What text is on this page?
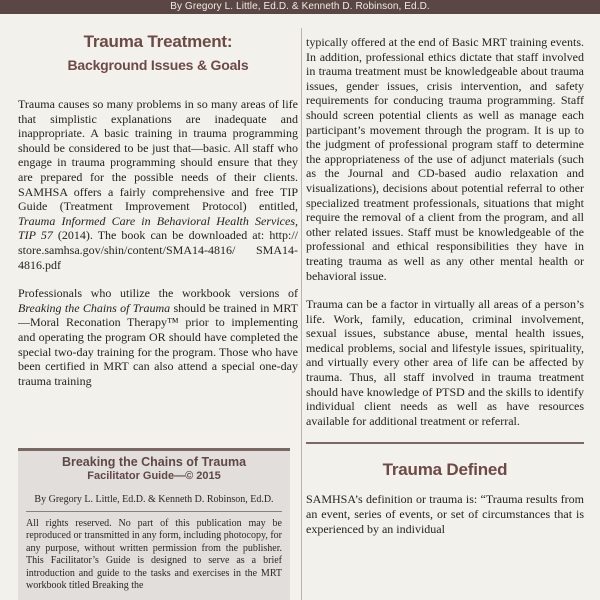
By Gregory L. Little, Ed.D. & Kenneth D. Robinson, Ed.D.
Trauma Treatment:
Background Issues & Goals

Trauma causes so many problems in so many areas of life that simplistic explanations are inadequate and inappropriate. A basic training in trauma programming should be considered to be just that—basic. All staff who engage in trauma programming should ensure that they are prepared for the possible needs of their clients. SAMHSA offers a fairly comprehensive and free TIP Guide (Treatment Improvement Protocol) entitled, Trauma Informed Care in Behavioral Health Services, TIP 57 (2014). The book can be downloaded at: http:// store.samhsa.gov/shin/content/SMA14-4816/ SMA14-4816.pdf

Professionals who utilize the workbook versions of Breaking the Chains of Trauma should be trained in MRT—Moral Reconation Therapy™ prior to implementing and operating the program OR should have completed the special two-day training for the program. Those who have been certified in MRT can also attend a special one-day trauma training

Breaking the Chains of Trauma
Facilitator Guide—© 2015
By Gregory L. Little, Ed.D. & Kenneth D. Robinson, Ed.D.
All rights reserved. No part of this publication may be reproduced or transmitted in any form, including photocopy, for any purpose, without written permission from the publisher. This Facilitator’s Guide is designed to serve as a brief introduction and guide to the tasks and exercises in the MRT workbook titled Breaking the

typically offered at the end of Basic MRT training events. In addition, professional ethics dictate that staff involved in trauma treatment must be knowledgeable about trauma issues, gender issues, crisis intervention, and safety requirements for conducing trauma programming. Staff should screen potential clients as well as manage each participant’s movement through the program. It is up to the judgment of professional program staff to determine the appropriateness of the use of adjunct materials (such as the Journal and CD-based audio relaxation and visualizations), decisions about potential referral to other specialized treatment professionals, situations that might require the removal of a client from the program, and all other related issues. Staff must be knowledgeable of the professional and ethical responsibilities they have in treating trauma as well as any other mental health or behavioral issue.

Trauma can be a factor in virtually all areas of a person’s life. Work, family, education, criminal involvement, sexual issues, substance abuse, mental health issues, medical problems, social and lifestyle issues, spirituality, and virtually every other area of life can be affected by trauma. Thus, all staff involved in trauma treatment should have knowledge of PTSD and the skills to identify individual client needs as well as have resources available for additional treatment or referral.

Trauma Defined

SAMHSA’s definition or trauma is: “Trauma results from an event, series of events, or set of circumstances that is experienced by an individual
